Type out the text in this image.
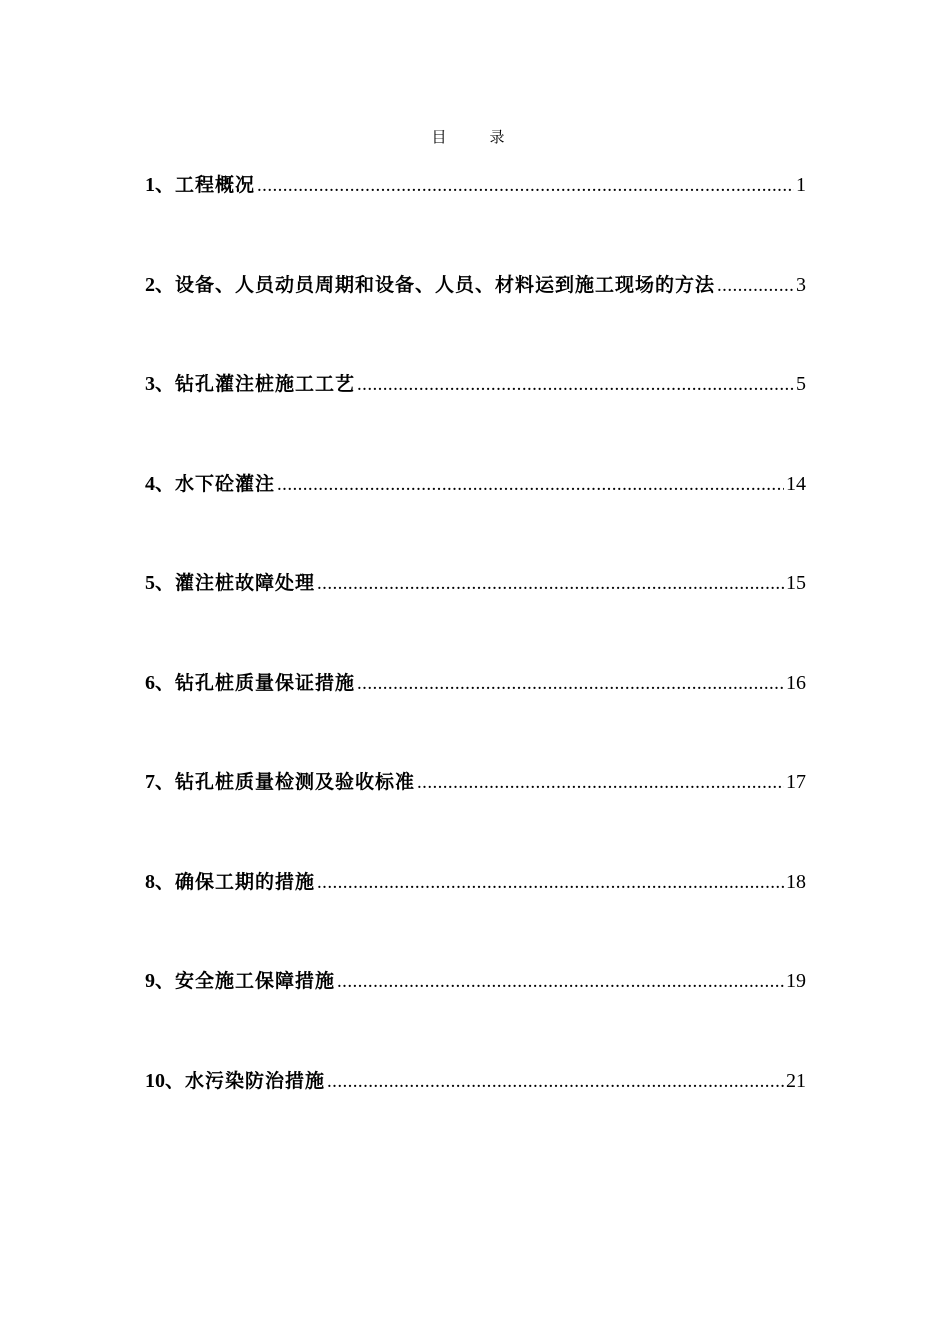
目　录
1 、 工程概况 .....	1
2 、 设备、人员动员周期和设备、人员、材料运到施工现场的方法 .....	3
3 、 钻孔灌注桩施工工艺 .....	5
4 、 水下砼灌注 .....	14
5 、 灌注桩故障处理 .....	15
6 、 钻孔桩质量保证措施 .....	16
7 、 钻孔桩质量检测及验收标准 .....	17
8 、 确保工期的措施 .....	18
9 、 安全施工保障措施 .....	19
10 、 水污染防治措施 .....	21
